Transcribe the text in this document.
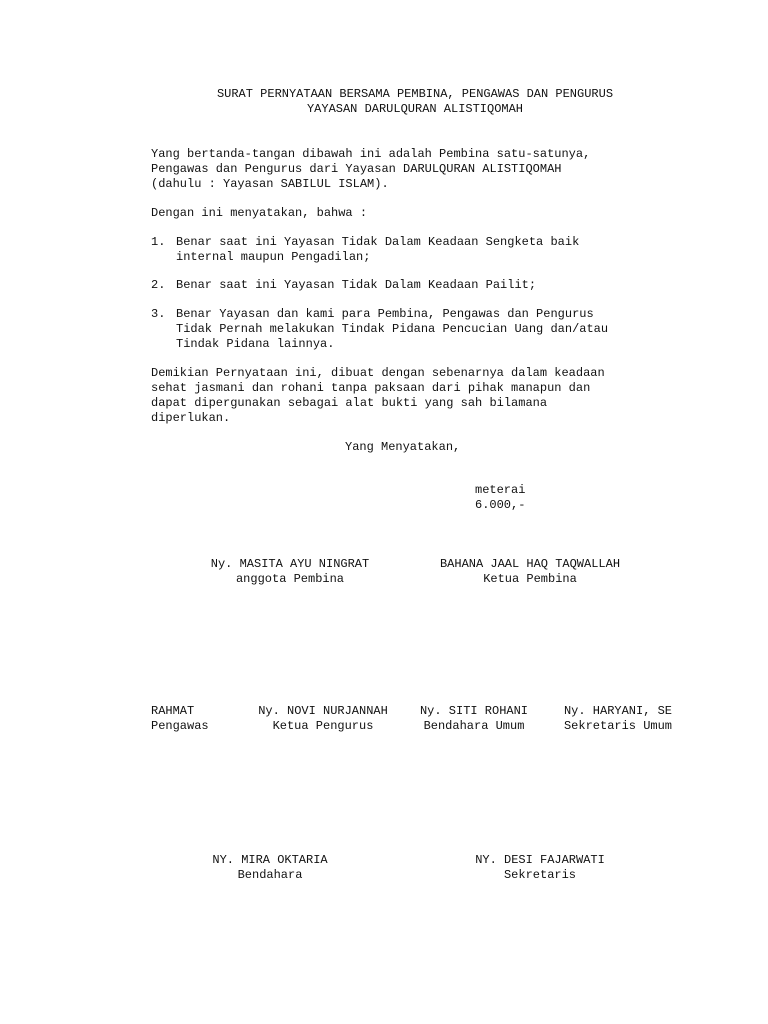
SURAT PERNYATAAN BERSAMA PEMBINA, PENGAWAS DAN PENGURUS
YAYASAN DARULQURAN ALISTIQOMAH
Yang bertanda-tangan dibawah ini adalah Pembina satu-satunya,
Pengawas dan Pengurus dari Yayasan DARULQURAN ALISTIQOMAH
(dahulu : Yayasan SABILUL ISLAM).
Dengan ini menyatakan, bahwa :
1. Benar saat ini Yayasan Tidak Dalam Keadaan Sengketa baik
internal maupun Pengadilan;
2. Benar saat ini Yayasan Tidak Dalam Keadaan Pailit;
3. Benar Yayasan dan kami para Pembina, Pengawas dan Pengurus
Tidak Pernah melakukan Tindak Pidana Pencucian Uang dan/atau
Tindak Pidana lainnya.
Demikian Pernyataan ini, dibuat dengan sebenarnya dalam keadaan
sehat jasmani dan rohani tanpa paksaan dari pihak manapun dan
dapat dipergunakan sebagai alat bukti yang sah bilamana
diperlukan.
Yang Menyatakan,
meterai
6.000,-
Ny. MASITA AYU NINGRAT
anggota Pembina
BAHANA JAAL HAQ TAQWALLAH
Ketua Pembina
RAHMAT
Pengawas
Ny. NOVI NURJANNAH
Ketua Pengurus
Ny. SITI ROHANI
Bendahara Umum
Ny. HARYANI, SE
Sekretaris Umum
NY. MIRA OKTARIA
Bendahara
NY. DESI FAJARWATI
Sekretaris
